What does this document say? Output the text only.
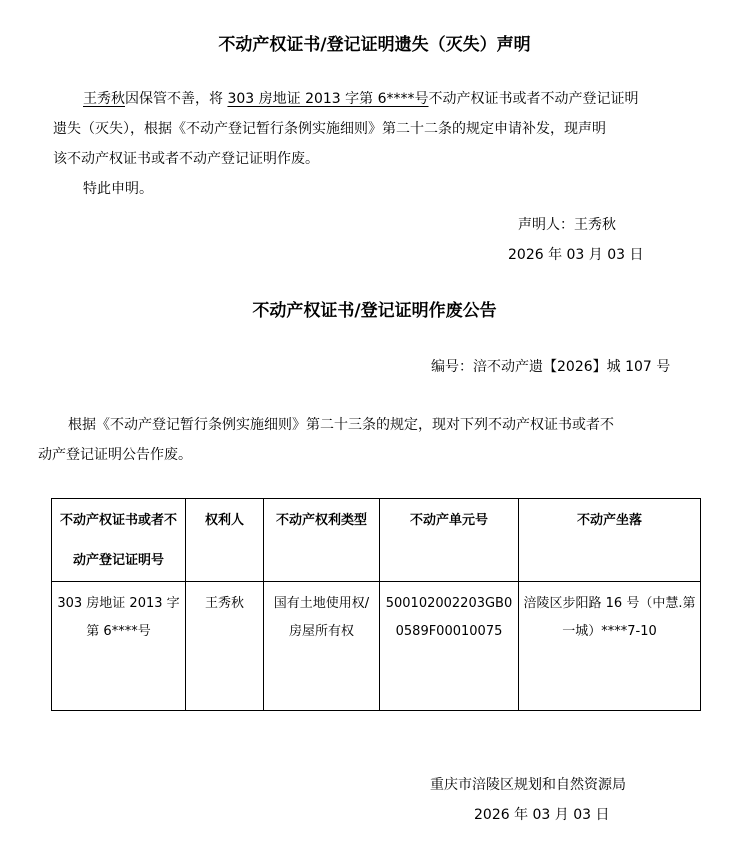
不动产权证书/登记证明遗失（灭失）声明
王秀秋因保管不善，将 303 房地证 2013 字第 6****号不动产权证书或者不动产登记证明
遗失（灭失），根据《不动产登记暂行条例实施细则》第二十二条的规定申请补发，现声明
该不动产权证书或者不动产登记证明作废。
特此申明。
声明人：王秀秋
2026 年 03 月 03 日
不动产权证书/登记证明作废公告
编号：涪不动产遗【2026】城 107 号
根据《不动产登记暂行条例实施细则》第二十三条的规定，现对下列不动产权证书或者不
动产登记证明公告作废。
不动产权证书或者不动产登记证明号	权利人	不动产权利类型	不动产单元号	不动产坐落
303 房地证 2013 字第 6****号	王秀秋	国有土地使用权/房屋所有权	500102002203GB00589F00010075	涪陵区步阳路 16 号（中慧.第一城）****7-10
重庆市涪陵区规划和自然资源局
2026 年 03 月 03 日
